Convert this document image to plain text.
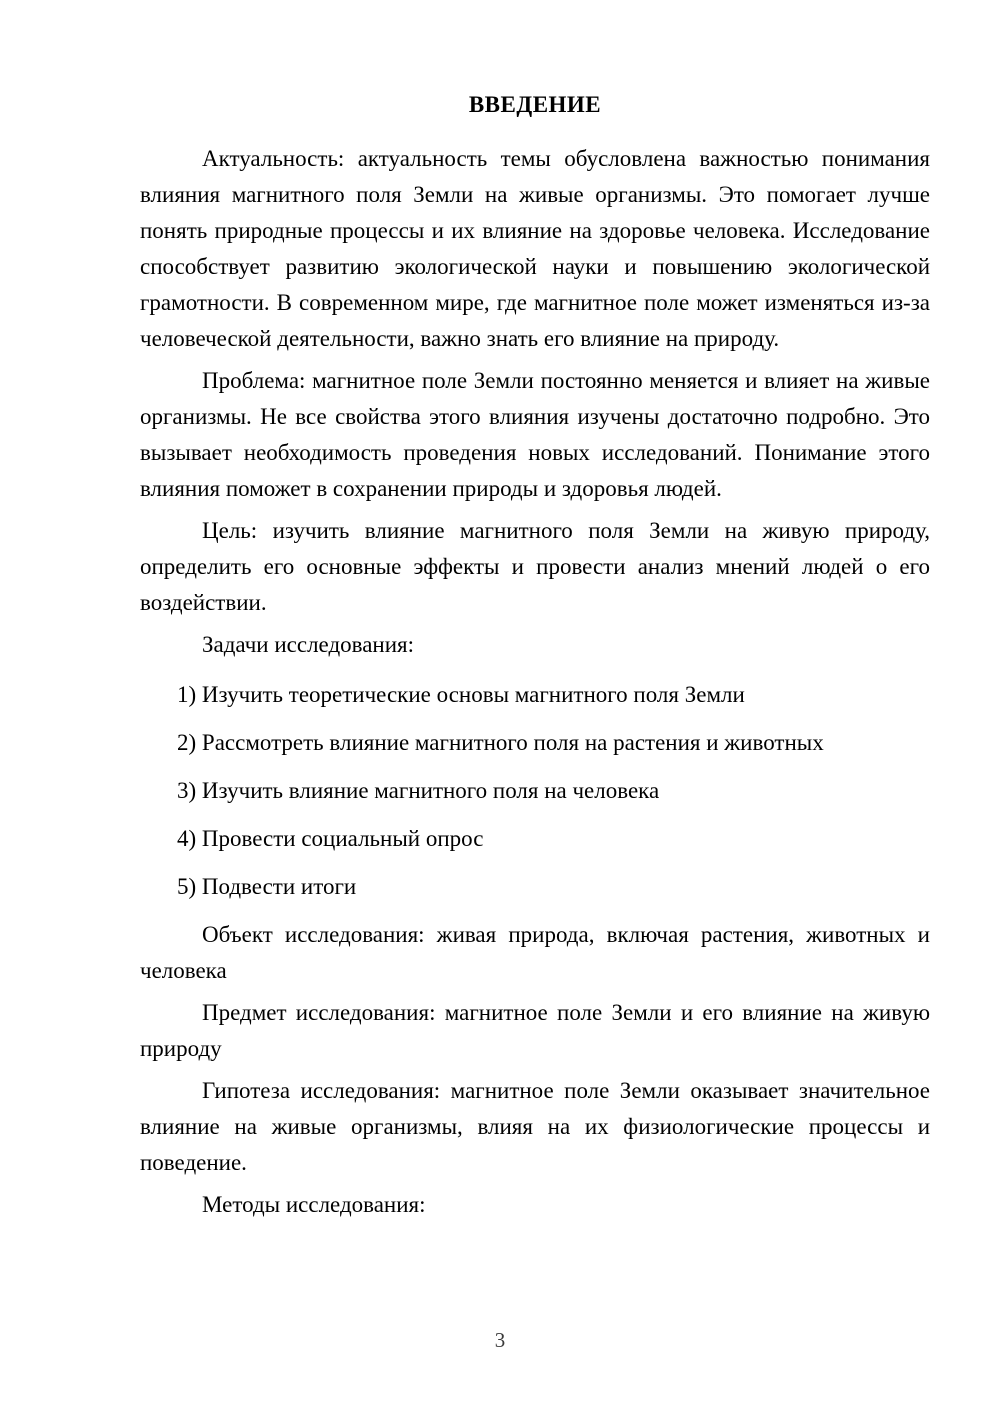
ВВЕДЕНИЕ

Актуальность: актуальность темы обусловлена важностью понимания влияния магнитного поля Земли на живые организмы. Это помогает лучше понять природные процессы и их влияние на здоровье человека. Исследование способствует развитию экологической науки и повышению экологической грамотности. В современном мире, где магнитное поле может изменяться из-за человеческой деятельности, важно знать его влияние на природу.

Проблема: магнитное поле Земли постоянно меняется и влияет на живые организмы. Не все свойства этого влияния изучены достаточно подробно. Это вызывает необходимость проведения новых исследований. Понимание этого влияния поможет в сохранении природы и здоровья людей.

Цель: изучить влияние магнитного поля Земли на живую природу, определить его основные эффекты и провести анализ мнений людей о его воздействии.

Задачи исследования:

1) Изучить теоретические основы магнитного поля Земли
2) Рассмотреть влияние магнитного поля на растения и животных
3) Изучить влияние магнитного поля на человека
4) Провести социальный опрос
5) Подвести итоги

Объект исследования: живая природа, включая растения, животных и человека

Предмет исследования: магнитное поле Земли и его влияние на живую природу

Гипотеза исследования: магнитное поле Земли оказывает значительное влияние на живые организмы, влияя на их физиологические процессы и поведение.

Методы исследования:

3
